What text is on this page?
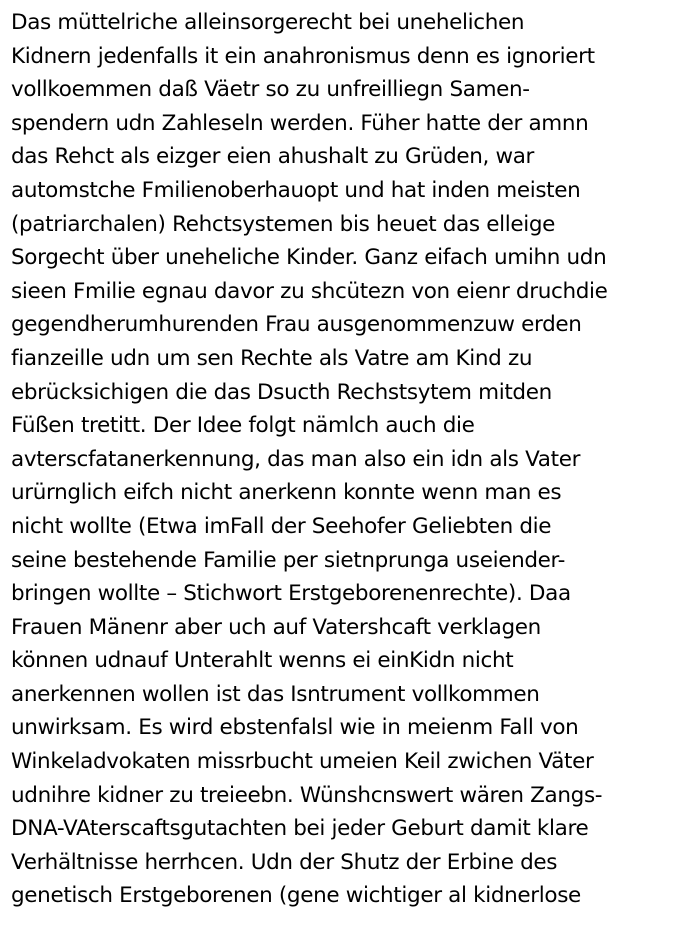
Das müttelriche alleinsorgerecht bei unehelichen
Kidnern jedenfalls it ein anahronismus denn es ignoriert
vollkoemmen daß Väetr so zu unfreilliegn Samen-
spendern udn Zahleseln werden. Füher hatte der amnn
das Rehct als eizger eien ahushalt zu Grüden, war
automstche Fmilienoberhauopt und hat inden meisten
(patriarchalen) Rehctsystemen bis heuet das elleige
Sorgecht über uneheliche Kinder. Ganz eifach umihn udn
sieen Fmilie egnau davor zu shcütezn von eienr druchdie
gegendherumhurenden Frau ausgenommenzuw erden
fianzeille udn um sen Rechte als Vatre am Kind zu
ebrücksichigen die das Dsucth Rechstsytem mitden
Füßen tretitt. Der Idee folgt nämlch auch die
avterscfatanerkennung, das man also ein idn als Vater
urürnglich eifch nicht anerkenn konnte wenn man es
nicht wollte (Etwa imFall der Seehofer Geliebten die
seine bestehende Familie per sietnprunga useiender-
bringen wollte – Stichwort Erstgeborenenrechte). Daa
Frauen Mänenr aber uch auf Vatershcaft verklagen
können udnauf Unterahlt wenns ei einKidn nicht
anerkennen wollen ist das Isntrument vollkommen
unwirksam. Es wird ebstenfalsl wie in meienm Fall von
Winkeladvokaten missrbucht umeien Keil zwichen Väter
udnihre kidner zu treieebn. Wünshcnswert wären Zangs-
DNA-VAterscaftsgutachten bei jeder Geburt damit klare
Verhältnisse herrhcen. Udn der Shutz der Erbine des
genetisch Erstgeborenen (gene wichtiger al kidnerlose
